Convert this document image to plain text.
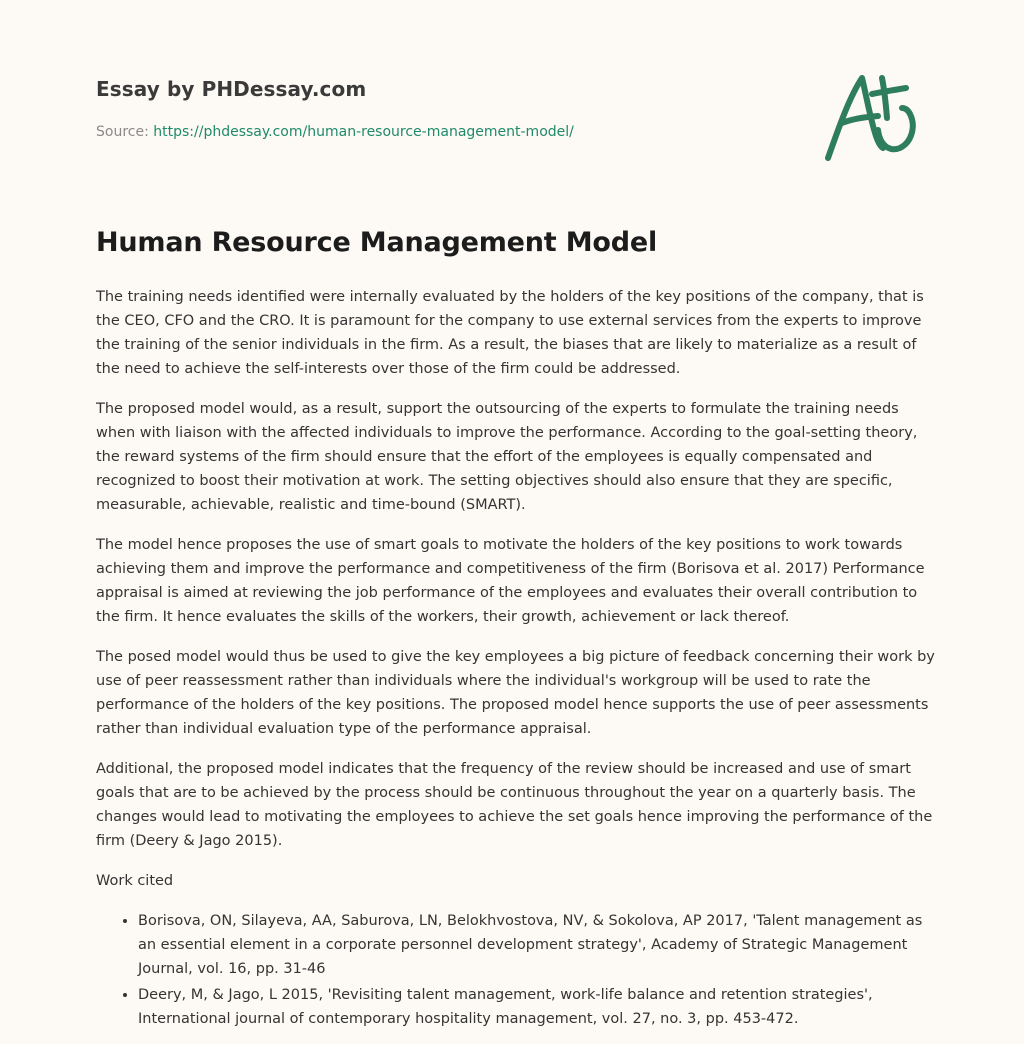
Essay by PHDessay.com
Source: https://phdessay.com/human-resource-management-model/
Human Resource Management Model

The training needs identified were internally evaluated by the holders of the key positions of the company, that is the CEO, CFO and the CRO. It is paramount for the company to use external services from the experts to improve the training of the senior individuals in the firm. As a result, the biases that are likely to materialize as a result of the need to achieve the self-interests over those of the firm could be addressed.

The proposed model would, as a result, support the outsourcing of the experts to formulate the training needs when with liaison with the affected individuals to improve the performance. According to the goal-setting theory, the reward systems of the firm should ensure that the effort of the employees is equally compensated and recognized to boost their motivation at work. The setting objectives should also ensure that they are specific, measurable, achievable, realistic and time-bound (SMART).

The model hence proposes the use of smart goals to motivate the holders of the key positions to work towards achieving them and improve the performance and competitiveness of the firm (Borisova et al. 2017) Performance appraisal is aimed at reviewing the job performance of the employees and evaluates their overall contribution to the firm. It hence evaluates the skills of the workers, their growth, achievement or lack thereof.

The posed model would thus be used to give the key employees a big picture of feedback concerning their work by use of peer reassessment rather than individuals where the individual's workgroup will be used to rate the performance of the holders of the key positions. The proposed model hence supports the use of peer assessments rather than individual evaluation type of the performance appraisal.

Additional, the proposed model indicates that the frequency of the review should be increased and use of smart goals that are to be achieved by the process should be continuous throughout the year on a quarterly basis. The changes would lead to motivating the employees to achieve the set goals hence improving the performance of the firm (Deery & Jago 2015).

Work cited

• Borisova, ON, Silayeva, AA, Saburova, LN, Belokhvostova, NV, & Sokolova, AP 2017, 'Talent management as an essential element in a corporate personnel development strategy', Academy of Strategic Management Journal, vol. 16, pp. 31-46
• Deery, M, & Jago, L 2015, 'Revisiting talent management, work-life balance and retention strategies', International journal of contemporary hospitality management, vol. 27, no. 3, pp. 453-472.
